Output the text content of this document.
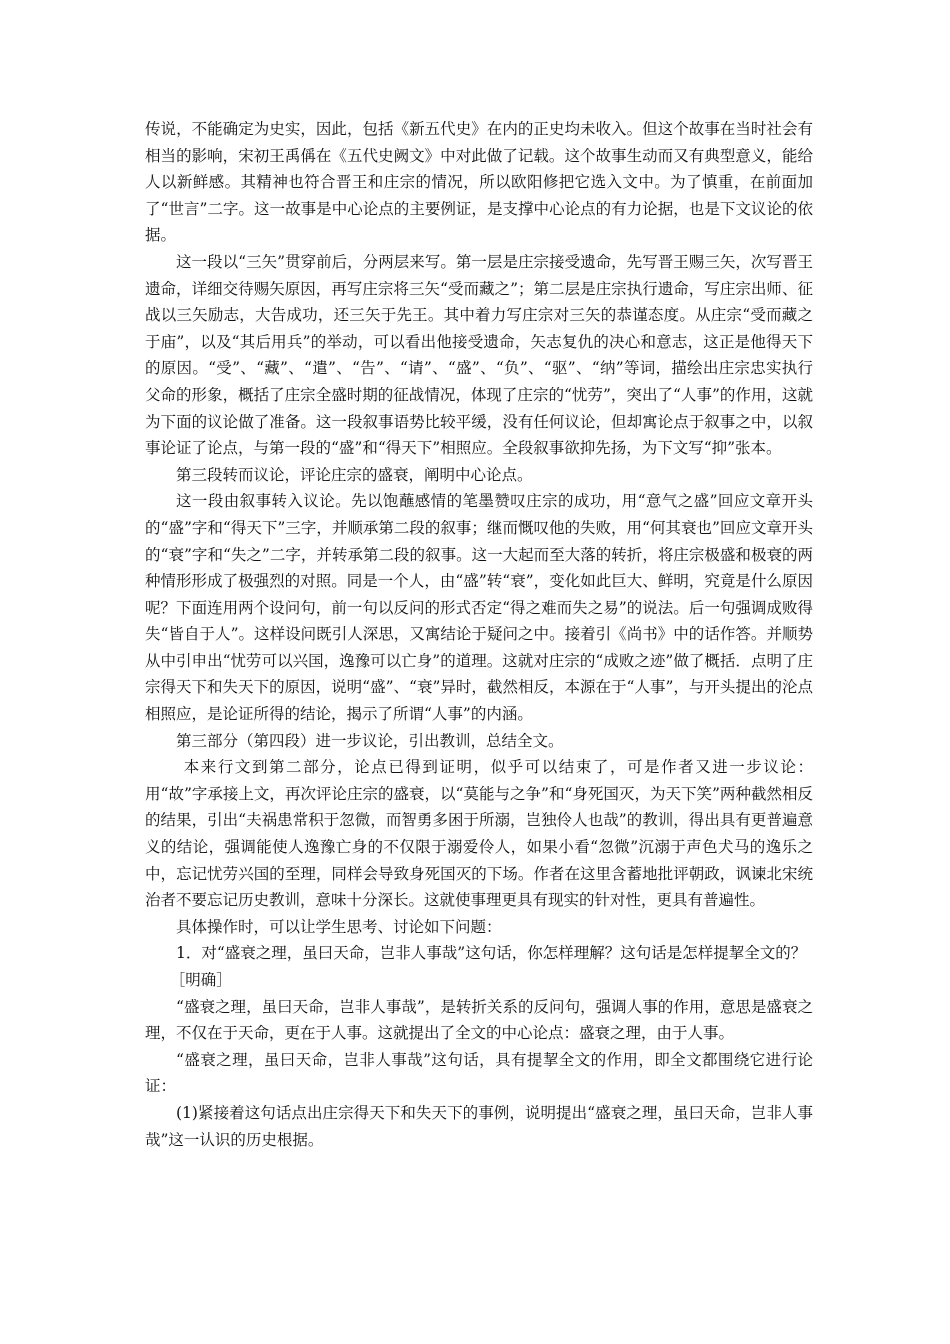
传说，不能确定为史实，因此，包括《新五代史》在内的正史均未收入。但这个故事在当时社会有相当的影响，宋初王禹偁在《五代史阙文》中对此做了记载。这个故事生动而又有典型意义，能给人以新鲜感。其精神也符合晋王和庄宗的情况，所以欧阳修把它选入文中。为了慎重，在前面加了“世言”二字。这一故事是中心论点的主要例证，是支撑中心论点的有力论据，也是下文议论的依据。

这一段以“三矢”贯穿前后，分两层来写。第一层是庄宗接受遗命，先写晋王赐三矢，次写晋王遗命，详细交待赐矢原因，再写庄宗将三矢“受而藏之”；第二层是庄宗执行遗命，写庄宗出师、征战以三矢励志，大告成功，还三矢于先王。其中着力写庄宗对三矢的恭谨态度。从庄宗“受而藏之于庙”，以及“其后用兵”的举动，可以看出他接受遗命，矢志复仇的决心和意志，这正是他得天下的原因。“受”、“藏”、“遣”、“告”、“请”、“盛”、“负”、“驱”、“纳”等词，描绘出庄宗忠实执行父命的形象，概括了庄宗全盛时期的征战情况，体现了庄宗的“忧劳”，突出了“人事”的作用，这就为下面的议论做了准备。这一段叙事语势比较平缓，没有任何议论，但却寓论点于叙事之中，以叙事论证了论点，与第一段的“盛”和“得天下”相照应。全段叙事欲抑先扬，为下文写“抑”张本。

第三段转而议论，评论庄宗的盛衰，阐明中心论点。

这一段由叙事转入议论。先以饱蘸感情的笔墨赞叹庄宗的成功，用“意气之盛”回应文章开头的“盛”字和“得天下”三字，并顺承第二段的叙事；继而慨叹他的失败，用“何其衰也”回应文章开头的“衰”字和“失之”二字，并转承第二段的叙事。这一大起而至大落的转折，将庄宗极盛和极衰的两种情形形成了极强烈的对照。同是一个人，由“盛”转“衰”，变化如此巨大、鲜明，究竟是什么原因呢？下面连用两个设问句，前一句以反问的形式否定“得之难而失之易”的说法。后一句强调成败得失“皆自于人”。这样设问既引人深思，又寓结论于疑问之中。接着引《尚书》中的话作答。并顺势从中引申出“忧劳可以兴国，逸豫可以亡身”的道理。这就对庄宗的“成败之迹”做了概括．点明了庄宗得天下和失天下的原因，说明“盛”、“衰”异时，截然相反，本源在于“人事”，与开头提出的沦点相照应，是论证所得的结论，揭示了所谓“人事”的内涵。

第三部分（第四段）进一步议论，引出教训，总结全文。

本来行文到第二部分，论点已得到证明，似乎可以结束了，可是作者又进一步议论：用“故”字承接上文，再次评论庄宗的盛衰，以“莫能与之争”和“身死国灭，为天下笑”两种截然相反的结果，引出“夫祸患常积于忽微，而智勇多困于所溺，岂独伶人也哉”的教训，得出具有更普遍意义的结论，强调能使人逸豫亡身的不仅限于溺爱伶人，如果小看“忽微”沉溺于声色犬马的逸乐之中，忘记忧劳兴国的至理，同样会导致身死国灭的下场。作者在这里含蓄地批评朝政，讽谏北宋统治者不要忘记历史教训，意味十分深长。这就使事理更具有现实的针对性，更具有普遍性。

具体操作时，可以让学生思考、讨论如下问题：

1．对“盛衰之理，虽曰天命，岂非人事哉”这句话，你怎样理解？这句话是怎样提挈全文的？

［明确］

“盛衰之理，虽曰天命，岂非人事哉”，是转折关系的反问句，强调人事的作用，意思是盛衰之理，不仅在于天命，更在于人事。这就提出了全文的中心论点：盛衰之理，由于人事。

“盛衰之理，虽曰天命，岂非人事哉”这句话，具有提挈全文的作用，即全文都围绕它进行论证：

(1)紧接着这句话点出庄宗得天下和失天下的事例，说明提出“盛衰之理，虽曰天命，岂非人事哉”这一认识的历史根据。
